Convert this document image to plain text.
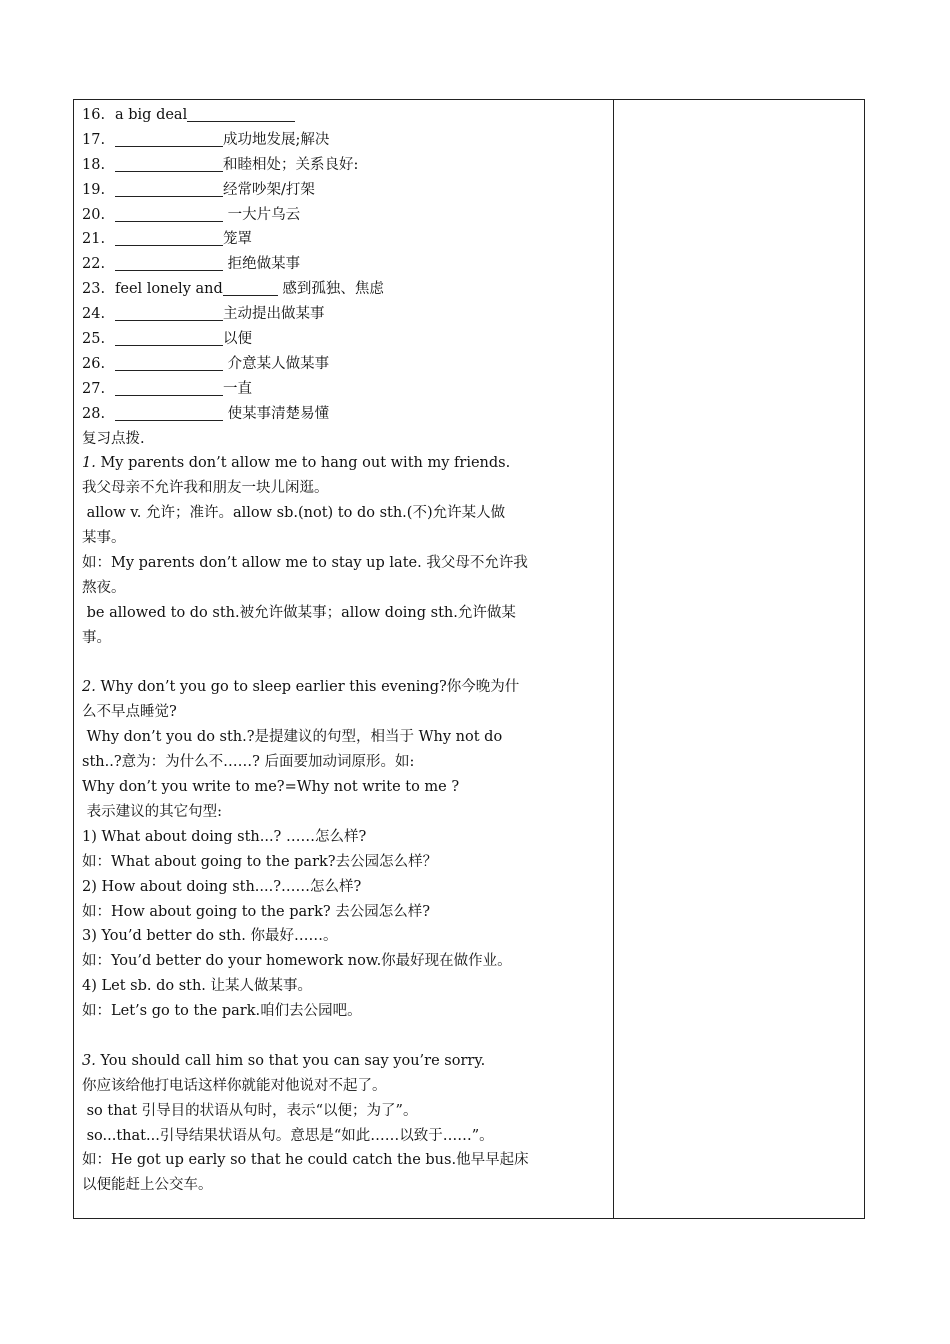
16. a big deal
17.	成功地发展;解决
18.	和睦相处；关系良好:
19.	经常吵架/打架
20.	一大片乌云
21.	笼罩
22.	拒绝做某事
23. feel lonely and	感到孤独、焦虑
24.	主动提出做某事
25.	以便
26.	介意某人做某事
27.	一直
28.	使某事清楚易懂
复习点拨.
1. My parents don’t allow me to hang out with my friends.
我父母亲不允许我和朋友一块儿闲逛。
allow v. 允许；准许。allow sb.(not) to do sth.(不)允许某人做
某事。
如：My parents don’t allow me to stay up late. 我父母不允许我
熬夜。
be allowed to do sth.被允许做某事；allow doing sth.允许做某
事。
2. Why don’t you go to sleep earlier this evening?你今晚为什
么不早点睡觉?
Why don’t you do sth.?是提建议的句型，相当于 Why not do
sth..?意为：为什么不……? 后面要加动词原形。如:
Why don’t you write to me?=Why not write to me ?
表示建议的其它句型:
1) What about doing sth...? ……怎么样?
如：What about going to the park?去公园怎么样？
2) How about doing sth....?……怎么样?
如：How about going to the park? 去公园怎么样?
3) You’d better do sth. 你最好……。
如：You’d better do your homework now.你最好现在做作业。
4) Let sb. do sth. 让某人做某事。
如：Let’s go to the park.咱们去公园吧。
3. You should call him so that you can say you’re sorry.
你应该给他打电话这样你就能对他说对不起了。
so that 引导目的状语从句时，表示“以便；为了”。
so...that...引导结果状语从句。意思是“如此……以致于……”。
如：He got up early so that he could catch the bus.他早早起床
以便能赶上公交车。
